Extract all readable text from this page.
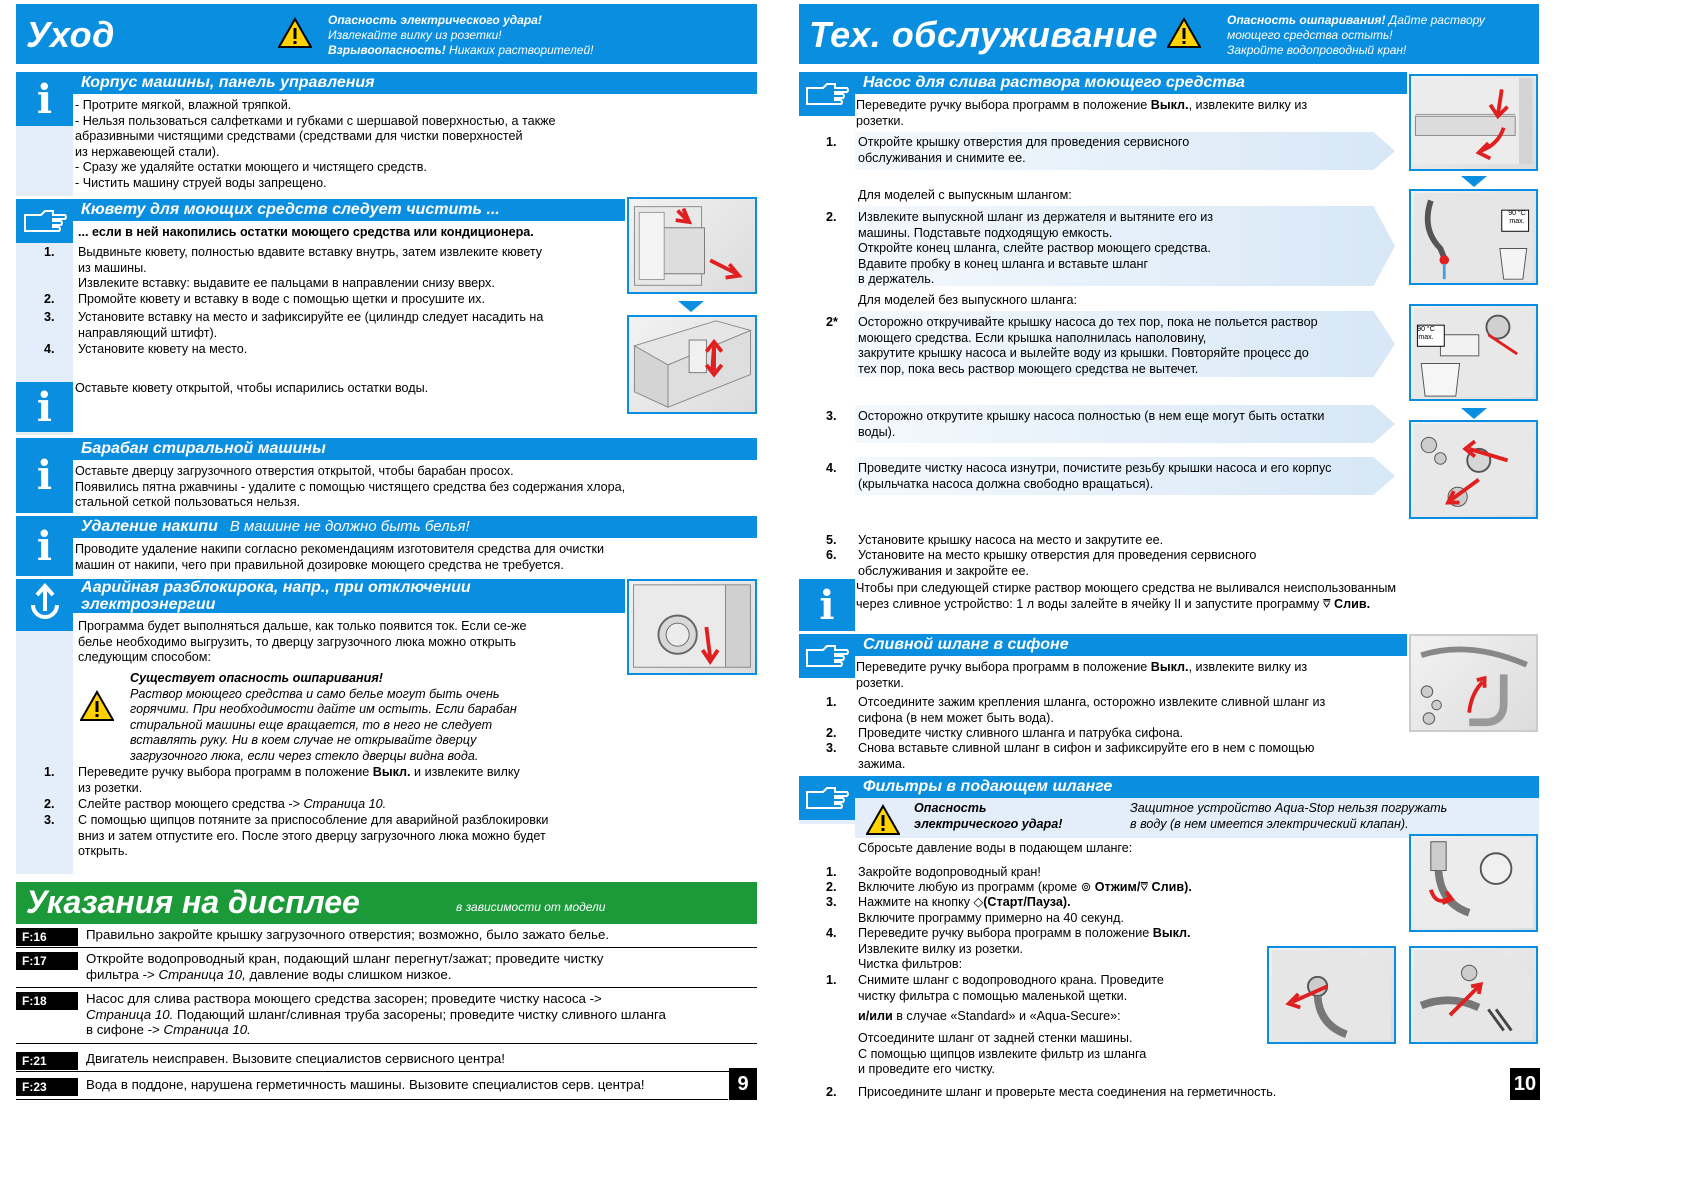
Уход	Опасность электрического удара!
Извлекайте вилку из розетки!
Взрывоопасность! Никаких растворителей!
i	Корпус машины, панель управления
- Протрите мягкой, влажной тряпкой.
- Нельзя пользоваться салфетками и губками с шершавой поверхностью, а также
абразивными чистящими средствами (средствами для чистки поверхностей
из нержавеющей стали).
- Сразу же удаляйте остатки моющего и чистящего средств.
- Чистить машину струей воды запрещено.
Кювету для моющих средств следует чистить ...
... если в ней накопились остатки моющего средства или кондиционера.
1. Выдвиньте кювету, полностью вдавите вставку внутрь, затем извлеките кювету
из машины.
Извлеките вставку: выдавите ее пальцами в направлении снизу вверх.
2. Промойте кювету и вставку в воде с помощью щетки и просушите их.
3. Установите вставку на место и зафиксируйте ее (цилиндр следует насадить на
направляющий штифт).
4. Установите кювету на место.
i	Оставьте кювету открытой, чтобы испарились остатки воды.
i
Барабан стиральной машины
Оставьте дверцу загрузочного отверстия открытой, чтобы барабан просох.
Появились пятна ржавчины - удалите с помощью чистящего средства без содержания хлора,
стальной сеткой пользоваться нельзя.
i	Удаление накипи В машине не должно быть белья!
Проводите удаление накипи согласно рекомендациям изготовителя средства для очистки
машин от накипи, чего при правильной дозировке моющего средства не требуется.
Аарийная разблокирока, напр., при отключении
электроэнергии
Программа будет выполняться дальше, как только появится ток. Если се-же
белье необходимо выгрузить, то дверцу загрузочного люка можно открыть
следующим способом:
Существует опасность ошпаривания!
Раствор моющего средства и само белье могут быть очень
горячими. При необходимости дайте им остыть. Если барабан
стиральной машины еще вращается, то в него не следует
вставлять руку. Ни в коем случае не открывайте дверцу
загрузочного люка, если через стекло дверцы видна вода.
1. Переведите ручку выбора программ в положение Выкл. и извлеките вилку
из розетки.
2. Слейте раствор моющего средства -> Страница 10.
3. С помощью щипцов потяните за приспособление для аварийной разблокировки
вниз и затем отпустите его. После этого дверцу загрузочного люка можно будет
открыть.
Указания на дисплее	в зависимости от модели
F:16	Правильно закройте крышку загрузочного отверстия; возможно, было зажато белье.
F:17	Откройте водопроводный кран, подающий шланг перегнут/зажат; проведите чистку
фильтра -> Страница 10, давление воды слишком низкое.
F:18	Насос для слива раствора моющего средства засорен; проведите чистку насоса ->
Страница 10. Подающий шланг/сливная труба засорены; проведите чистку сливного шланга
в сифоне -> Страница 10.
F:21	Двигатель неисправен. Вызовите специалистов сервисного центра!
F:23	Вода в поддоне, нарушена герметичность машины. Вызовите специалистов серв. центра!	9
Тех. обслуживание	Опасность ошпаривания! Дайте раствору
моющего средства остыть!
Закройте водопроводный кран!
Насос для слива раствора моющего средства
Переведите ручку выбора программ в положение Выкл., извлеките вилку из
розетки.
1. Откройте крышку отверстия для проведения сервисного
обслуживания и снимите ее.
Для моделей с выпускным шлангом:
2. Извлеките выпускной шланг из держателя и вытяните его из
машины. Подставьте подходящую емкость.
Откройте конец шланга, слейте раствор моющего средства.
Вдавите пробку в конец шланга и вставьте шланг
в держатель.
Для моделей без выпускного шланга:
2* Осторожно откручивайте крышку насоса до тех пор, пока не польется раствор
моющего средства. Если крышка наполнилась наполовину,
закрутите крышку насоса и вылейте воду из крышки. Повторяйте процесс до
тех пор, пока весь раствор моющего средства не вытечет.
3. Осторожно открутите крышку насоса полностью (в нем еще могут быть остатки
воды).
4. Проведите чистку насоса изнутри, почистите резьбу крышки насоса и его корпус
(крыльчатка насоса должна свободно вращаться).
5. Установите крышку насоса на место и закрутите ее.
6. Установите на место крышку отверстия для проведения сервисного
обслуживания и закройте ее.
90 °C max.
90 °C max.
i	Чтобы при следующей стирке раствор моющего средства не выливался неиспользованным
через сливное устройство: 1 л воды залейте в ячейку II и запустите программу ⩢ Слив.
Сливной шланг в сифоне
Переведите ручку выбора программ в положение Выкл., извлеките вилку из
розетки.
1. Отсоедините зажим крепления шланга, осторожно извлеките сливной шланг из
сифона (в нем может быть вода).
2. Проведите чистку сливного шланга и патрубка сифона.
3. Снова вставьте сливной шланг в сифон и зафиксируйте его в нем с помощью
зажима.
Фильтры в подающем шланге
Опасность
электрического удара!
Защитное устройство Aqua-Stop нельзя погружать
в воду (в нем имеется электрический клапан).
Сбросьте давление воды в подающем шланге:
1. Закройте водопроводный кран!
2. Включите любую из программ (кроме ⊚ Отжим/⩢ Слив).
3. Нажмите на кнопку ◇(Старт/Пауза).
Включите программу примерно на 40 секунд.
4. Переведите ручку выбора программ в положение Выкл.
Извлеките вилку из розетки.
Чистка фильтров:
1. Снимите шланг с водопроводного крана. Проведите
чистку фильтра с помощью маленькой щетки.
и/или в случае «Standard» и «Aqua-Secure»:
Отсоедините шланг от задней стенки машины.
С помощью щипцов извлеките фильтр из шланга
и проведите его чистку.
2. Присоедините шланг и проверьте места соединения на герметичность.	10
